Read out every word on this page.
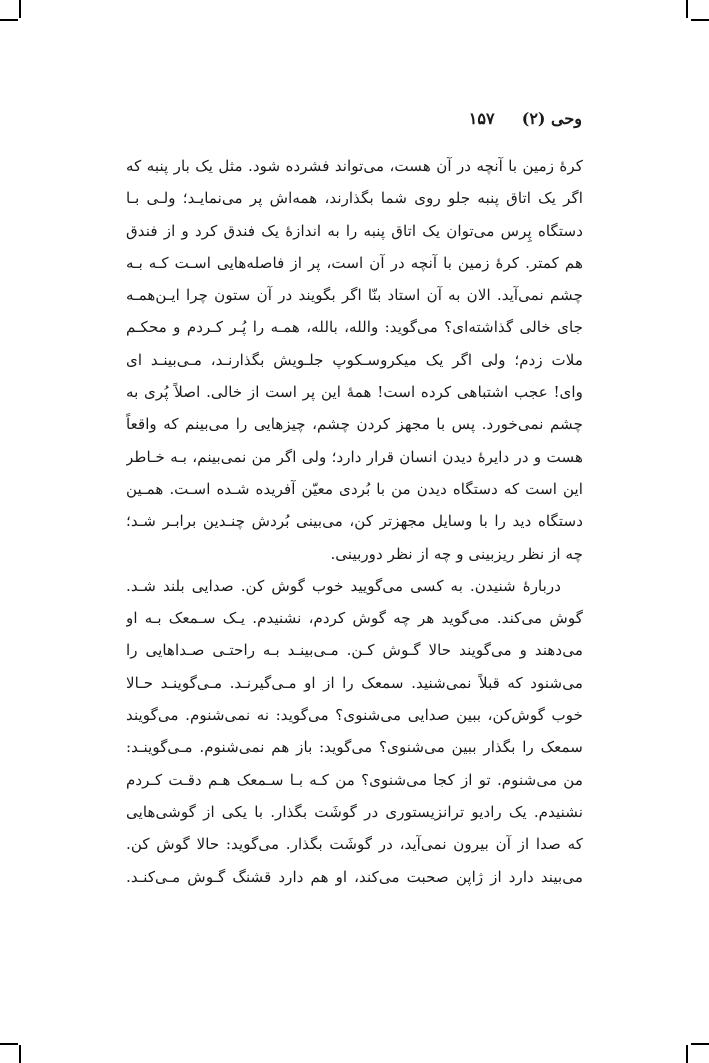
وحی (۲)  ۱۵۷
کرهٔ زمین با آنچه در آن هست، می‌تواند فشرده شود. مثل یک بار پنبه که
اگر یک اتاق پنبه جلو روی شما بگذارند، همه‌اش پر می‌نمایـد؛ ولـی بـا
دستگاه پِرس می‌توان یک اتاق پنبه را به اندازهٔ یک فندق کرد و از فندق
هم کمتر. کرهٔ زمین با آنچه در آن است، پر از فاصله‌هایی اسـت کـه بـه
چشم نمی‌آید. الان به آن استاد بنّا اگر بگویند در آن ستون چرا ایـن‌همـه
جای خالی گذاشته‌ای؟ می‌گوید: والله، بالله، همـه را پُـر کـردم و محکـم
ملات زدم؛ ولی اگر یک میکروسـکوپ جلـویش بگذارنـد، مـی‌بینـد ای
وای! عجب اشتباهی کرده است! همهٔ این پر است از خالی. اصلاً پُری به
چشم نمی‌خورد. پس با مجهز کردن چشم، چیزهایی را می‌بینم که واقعاً
هست و در دایرهٔ دیدن انسان قرار دارد؛ ولی اگر من نمی‌بینم، بـه خـاطر
این است که دستگاه دیدن من با بُردی معیّن آفریده شـده اسـت. همـین
دستگاه دید را با وسایل مجهزتر کن، می‌بینی بُردش چنـدین برابـر شـد؛
چه از نظر ریزبینی و چه از نظر دوربینی.
دربارهٔ شنیدن. به کسی می‌گویید خوب گوش کن. صدایی بلند شـد.
گوش می‌کند. می‌گوید هر چه گوش کردم، نشنیدم. یـک سـمعک بـه او
می‌دهند و می‌گویند حالا گـوش کـن. مـی‌بینـد بـه راحتـی صـداهایی را
می‌شنود که قبلاً نمی‌شنید. سمعک را از او مـی‌گیرنـد. مـی‌گوینـد حـالا
خوب گوش‌کن، ببین صدایی می‌شنوی؟ می‌گوید: نه نمی‌شنوم. می‌گویند
سمعک را بگذار ببین می‌شنوی؟ می‌گوید: باز هم نمی‌شنوم. مـی‌گوینـد:
من می‌شنوم. تو از کجا می‌شنوی؟ من کـه بـا سـمعک هـم دقـت کـردم
نشنیدم. یک رادیو ترانزیستوری در گوشَت بگذار. با یکی از گوشی‌هایی
که صدا از آن بیرون نمی‌آید، در گوشَت بگذار. می‌گوید: حالا گوش کن.
می‌بیند دارد از ژاپن صحبت می‌کند، او هم دارد قشنگ گـوش مـی‌کنـد.
